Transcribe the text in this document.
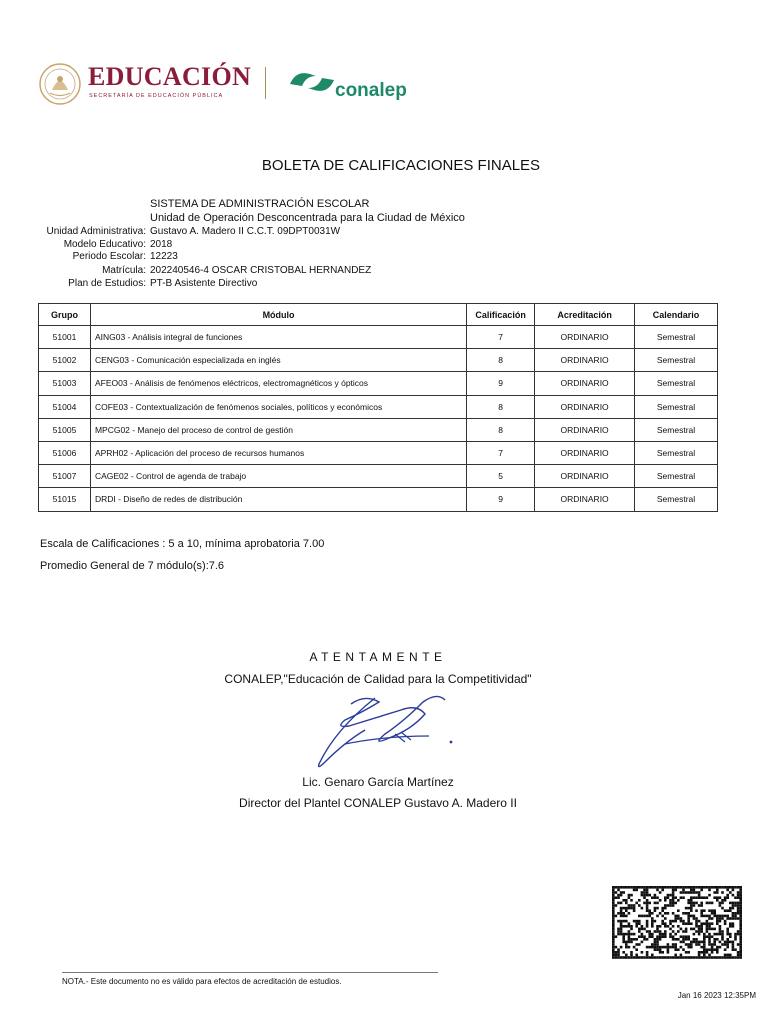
EDUCACIÓN
SECRETARÍA DE EDUCACIÓN PÚBLICA	conalep
BOLETA DE CALIFICACIONES FINALES
SISTEMA DE ADMINISTRACIÓN ESCOLAR
Unidad de Operación Desconcentrada para la Ciudad de México
Unidad Administrativa: Gustavo A. Madero II C.C.T. 09DPT0031W
Modelo Educativo: 2018
Periodo Escolar: 12223
Matrícula: 202240546-4 OSCAR CRISTOBAL HERNANDEZ
Plan de Estudios: PT-B Asistente Directivo
Grupo	Módulo	Calificación	Acreditación	Calendario
51001	AING03 - Análisis integral de funciones	7	ORDINARIO	Semestral
51002	CENG03 - Comunicación especializada en inglés	8	ORDINARIO	Semestral
51003	AFEO03 - Análisis de fenómenos eléctricos, electromagnéticos y ópticos	9	ORDINARIO	Semestral
51004	COFE03 - Contextualización de fenómenos sociales, políticos y económicos	8	ORDINARIO	Semestral
51005	MPCG02 - Manejo del proceso de control de gestión	8	ORDINARIO	Semestral
51006	APRH02 - Aplicación del proceso de recursos humanos	7	ORDINARIO	Semestral
51007	CAGE02 - Control de agenda de trabajo	5	ORDINARIO	Semestral
51015	DRDI - Diseño de redes de distribución	9	ORDINARIO	Semestral
Escala de Calificaciones : 5 a 10, mínima aprobatoria 7.00
Promedio General de 7 módulo(s):7.6
ATENTAMENTE
CONALEP,"Educación de Calidad para la Competitividad"
Lic. Genaro García Martínez
Director del Plantel CONALEP Gustavo A. Madero II
NOTA.- Este documento no es válido para efectos de acreditación de estudios.
Jan 16 2023 12:35PM
